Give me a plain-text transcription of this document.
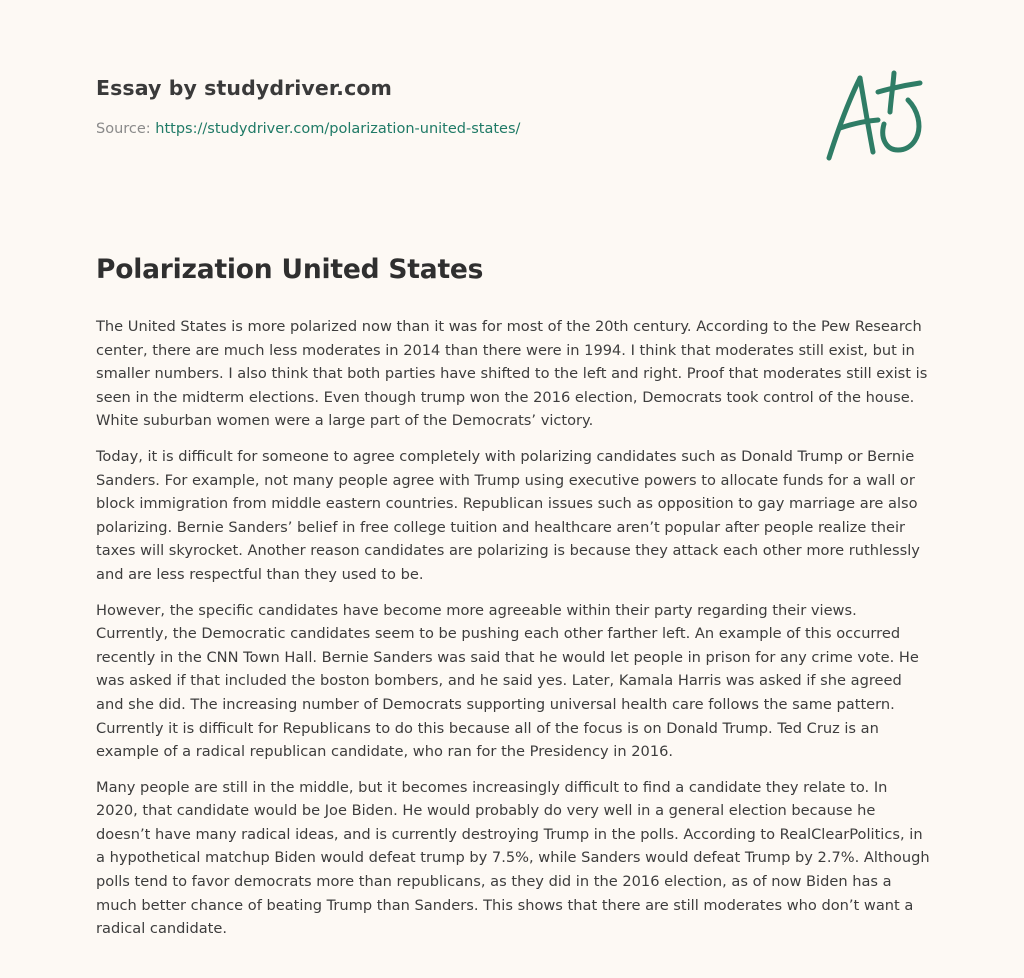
Essay by studydriver.com
Source: https://studydriver.com/polarization-united-states/
Polarization United States

The United States is more polarized now than it was for most of the 20th century. According to the Pew Research center, there are much less moderates in 2014 than there were in 1994. I think that moderates still exist, but in smaller numbers. I also think that both parties have shifted to the left and right. Proof that moderates still exist is seen in the midterm elections. Even though trump won the 2016 election, Democrats took control of the house. White suburban women were a large part of the Democrats’ victory.

Today, it is difficult for someone to agree completely with polarizing candidates such as Donald Trump or Bernie Sanders. For example, not many people agree with Trump using executive powers to allocate funds for a wall or block immigration from middle eastern countries. Republican issues such as opposition to gay marriage are also polarizing. Bernie Sanders’ belief in free college tuition and healthcare aren’t popular after people realize their taxes will skyrocket. Another reason candidates are polarizing is because they attack each other more ruthlessly and are less respectful than they used to be.

However, the specific candidates have become more agreeable within their party regarding their views. Currently, the Democratic candidates seem to be pushing each other farther left. An example of this occurred recently in the CNN Town Hall. Bernie Sanders was said that he would let people in prison for any crime vote. He was asked if that included the boston bombers, and he said yes. Later, Kamala Harris was asked if she agreed and she did. The increasing number of Democrats supporting universal health care follows the same pattern. Currently it is difficult for Republicans to do this because all of the focus is on Donald Trump. Ted Cruz is an example of a radical republican candidate, who ran for the Presidency in 2016.

Many people are still in the middle, but it becomes increasingly difficult to find a candidate they relate to. In 2020, that candidate would be Joe Biden. He would probably do very well in a general election because he doesn’t have many radical ideas, and is currently destroying Trump in the polls. According to RealClearPolitics, in a hypothetical matchup Biden would defeat trump by 7.5%, while Sanders would defeat Trump by 2.7%. Although polls tend to favor democrats more than republicans, as they did in the 2016 election, as of now Biden has a much better chance of beating Trump than Sanders. This shows that there are still moderates who don’t want a radical candidate.
